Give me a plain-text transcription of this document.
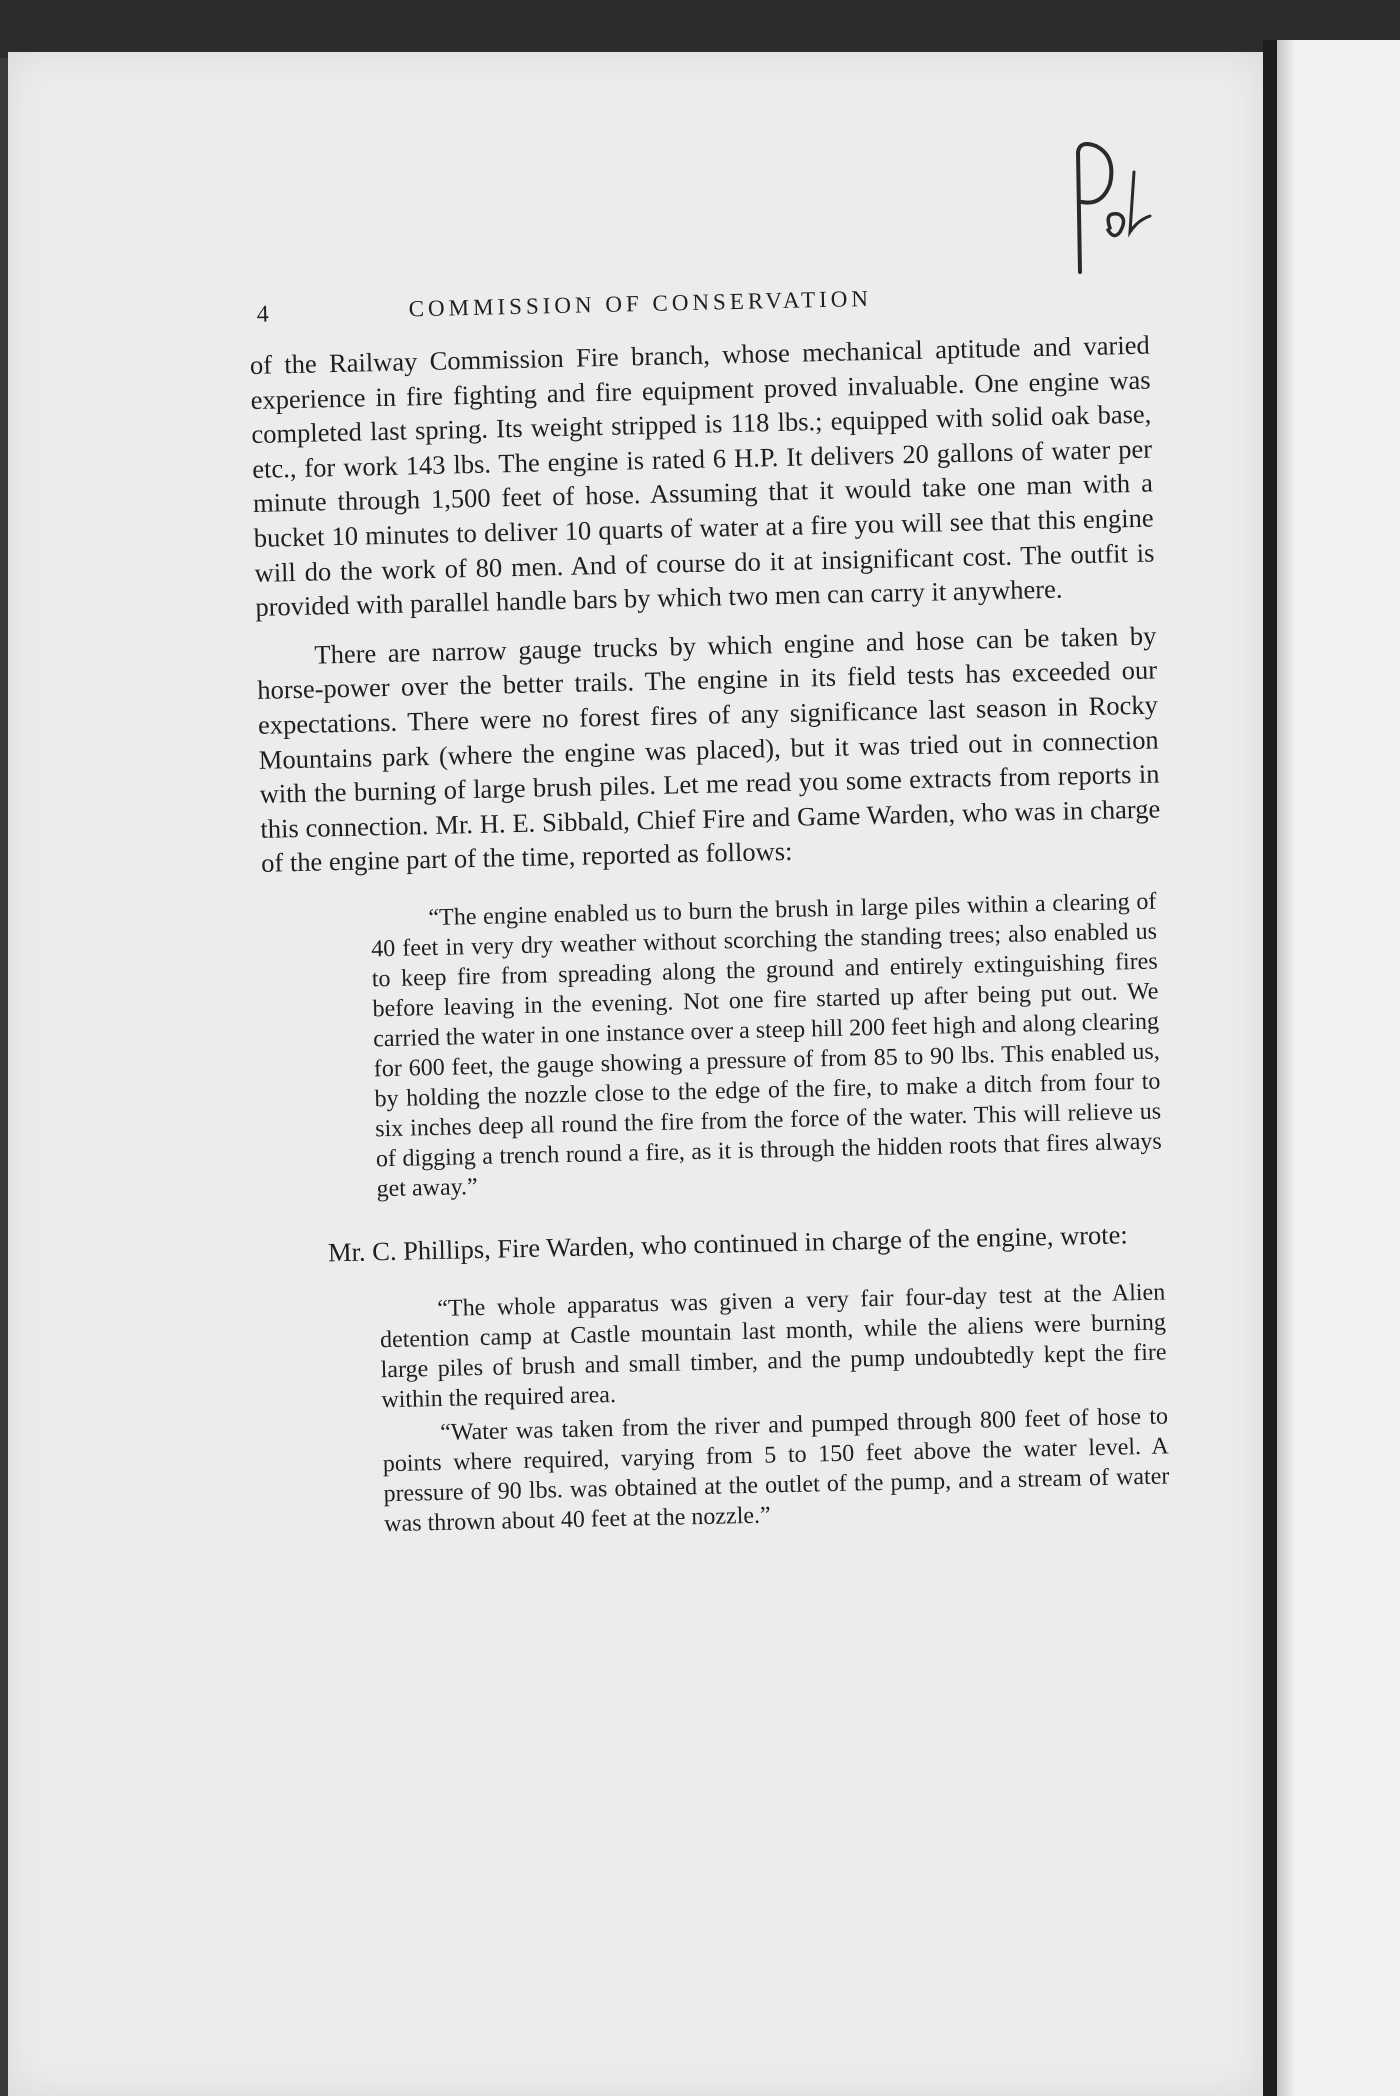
4	COMMISSION OF CONSERVATION

of the Railway Commission Fire branch, whose mechanical aptitude and varied experience in fire fighting and fire equipment proved invaluable. One engine was completed last spring. Its weight stripped is 118 lbs.; equipped with solid oak base, etc., for work 143 lbs. The engine is rated 6 H.P. It delivers 20 gallons of water per minute through 1,500 feet of hose. Assuming that it would take one man with a bucket 10 minutes to deliver 10 quarts of water at a fire you will see that this engine will do the work of 80 men. And of course do it at insignificant cost. The outfit is provided with parallel handle bars by which two men can carry it anywhere.

There are narrow gauge trucks by which engine and hose can be taken by horse-power over the better trails. The engine in its field tests has exceeded our expectations. There were no forest fires of any significance last season in Rocky Mountains park (where the engine was placed), but it was tried out in connection with the burning of large brush piles. Let me read you some extracts from reports in this connection. Mr. H. E. Sibbald, Chief Fire and Game Warden, who was in charge of the engine part of the time, reported as follows:

“The engine enabled us to burn the brush in large piles within a clearing of 40 feet in very dry weather without scorching the standing trees; also enabled us to keep fire from spreading along the ground and entirely extinguishing fires before leaving in the evening. Not one fire started up after being put out. We carried the water in one instance over a steep hill 200 feet high and along clearing for 600 feet, the gauge showing a pressure of from 85 to 90 lbs. This enabled us, by holding the nozzle close to the edge of the fire, to make a ditch from four to six inches deep all round the fire from the force of the water. This will relieve us of digging a trench round a fire, as it is through the hidden roots that fires always get away.”

Mr. C. Phillips, Fire Warden, who continued in charge of the engine, wrote:

“The whole apparatus was given a very fair four-day test at the Alien detention camp at Castle mountain last month, while the aliens were burning large piles of brush and small timber, and the pump undoubtedly kept the fire within the required area.

“Water was taken from the river and pumped through 800 feet of hose to points where required, varying from 5 to 150 feet above the water level. A pressure of 90 lbs. was obtained at the outlet of the pump, and a stream of water was thrown about 40 feet at the nozzle.”
